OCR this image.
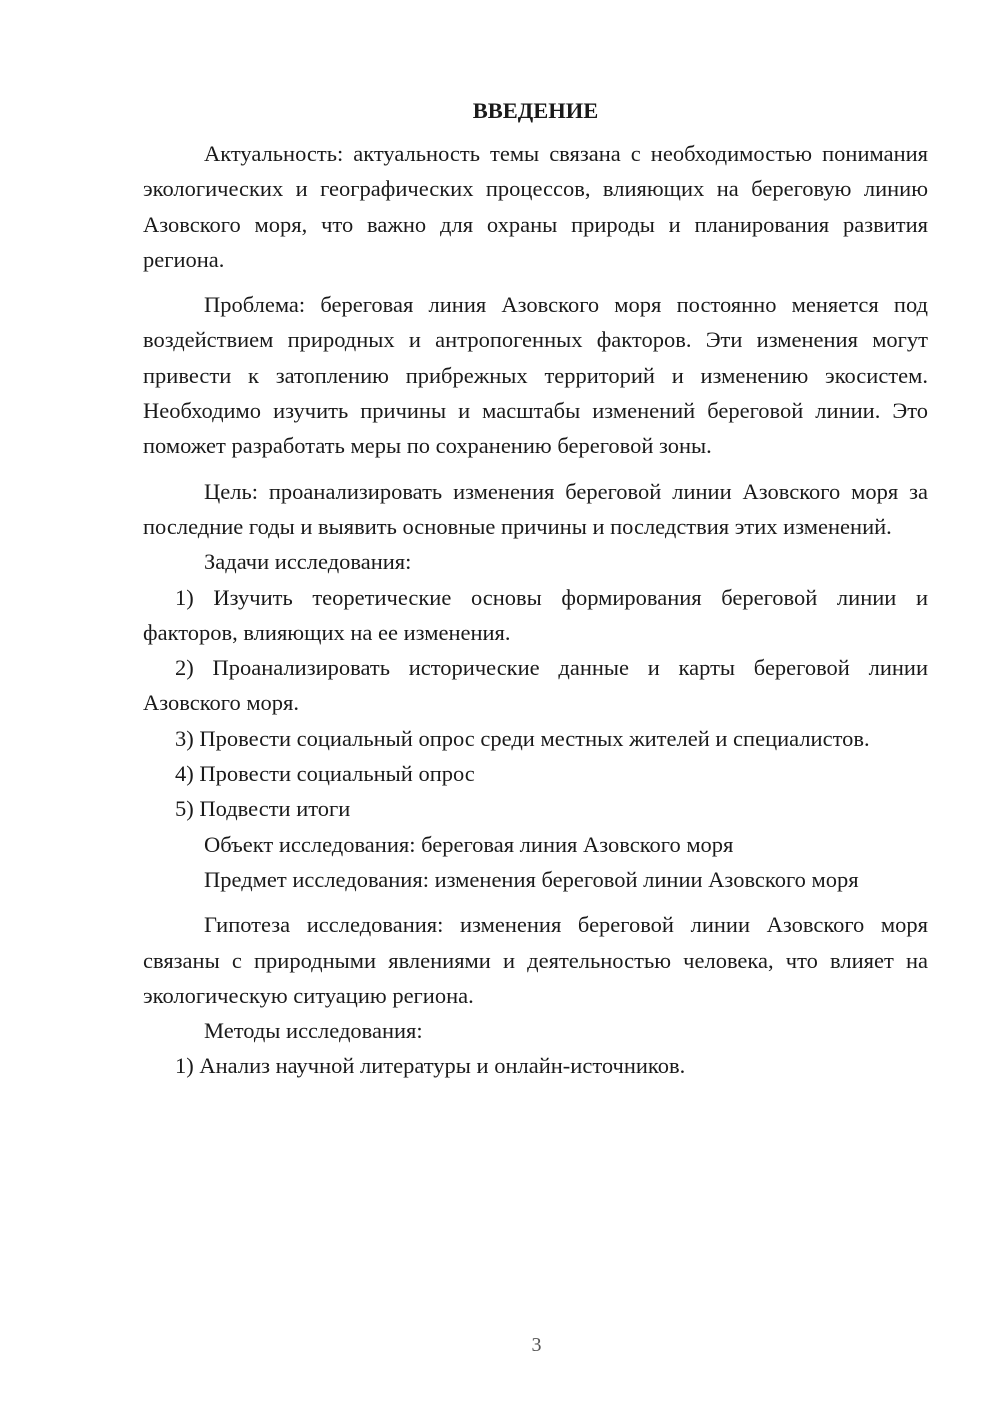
ВВЕДЕНИЕ

Актуальность: актуальность темы связана с необходимостью понимания экологических и географических процессов, влияющих на береговую линию Азовского моря, что важно для охраны природы и планирования развития региона.

Проблема: береговая линия Азовского моря постоянно меняется под воздействием природных и антропогенных факторов. Эти изменения могут привести к затоплению прибрежных территорий и изменению экосистем. Необходимо изучить причины и масштабы изменений береговой линии. Это поможет разработать меры по сохранению береговой зоны.

Цель: проанализировать изменения береговой линии Азовского моря за последние годы и выявить основные причины и последствия этих изменений.

Задачи исследования:

1) Изучить теоретические основы формирования береговой линии и факторов, влияющих на ее изменения.

2) Проанализировать исторические данные и карты береговой линии Азовского моря.

3) Провести социальный опрос среди местных жителей и специалистов.

4) Провести социальный опрос

5) Подвести итоги

Объект исследования: береговая линия Азовского моря

Предмет исследования: изменения береговой линии Азовского моря

Гипотеза исследования: изменения береговой линии Азовского моря связаны с природными явлениями и деятельностью человека, что влияет на экологическую ситуацию региона.

Методы исследования:

1) Анализ научной литературы и онлайн-источников.

3
